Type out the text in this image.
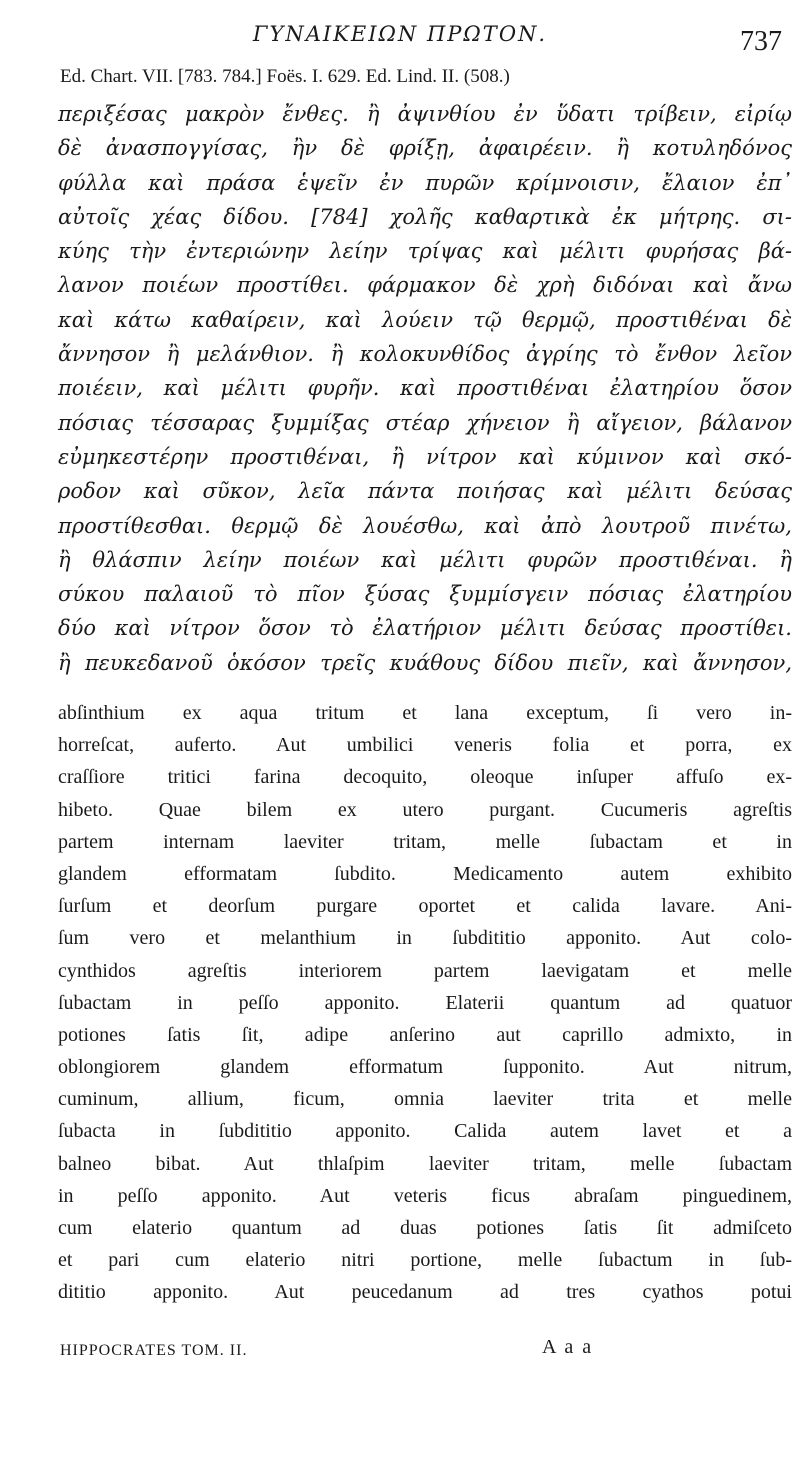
ΓΥΝΑΙΚΕΙΩΝ ΠΡΩΤΟΝ.	737
Ed. Chart. VII. [783. 784.] Foës. I. 629. Ed. Lind. II. (508.)
περιξέσας μακρὸν ἔνθες. ἢ ἀψινθίου ἐν ὕδατι τρίβειν, εἰρίῳ
δὲ ἀνασπογγίσας, ἢν δὲ φρίξῃ, ἀφαιρέειν. ἢ κοτυληδόνος
φύλλα καὶ πράσα ἑψεῖν ἐν πυρῶν κρίμνοισιν, ἔλαιον ἐπ᾽
αὐτοῖς χέας δίδου. [784] χολῆς καθαρτικὰ ἐκ μήτρης. σι-
κύης τὴν ἐντεριώνην λείην τρίψας καὶ μέλιτι φυρήσας βά-
λανον ποιέων προστίθει. φάρμακον δὲ χρὴ διδόναι καὶ ἄνω
καὶ κάτω καθαίρειν, καὶ λούειν τῷ θερμῷ, προστιθέναι δὲ
ἄννησον ἢ μελάνθιον. ἢ κολοκυνθίδος ἀγρίης τὸ ἔνθον λεῖον
ποιέειν, καὶ μέλιτι φυρῆν. καὶ προστιθέναι ἐλατηρίου ὅσον
πόσιας τέσσαρας ξυμμίξας στέαρ χήνειον ἢ αἴγειον, βάλανον
εὐμηκεστέρην προστιθέναι, ἢ νίτρον καὶ κύμινον καὶ σκό-
ροδον καὶ σῦκον, λεῖα πάντα ποιήσας καὶ μέλιτι δεύσας
προστίθεσθαι. θερμῷ δὲ λουέσθω, καὶ ἀπὸ λουτροῦ πινέτω,
ἢ θλάσπιν λείην ποιέων καὶ μέλιτι φυρῶν προστιθέναι. ἢ
σύκου παλαιοῦ τὸ πῖον ξύσας ξυμμίσγειν πόσιας ἐλατηρίου
δύο καὶ νίτρον ὅσον τὸ ἐλατήριον μέλιτι δεύσας προστίθει.
ἢ πευκεδανοῦ ὁκόσον τρεῖς κυάθους δίδου πιεῖν, καὶ ἄννησον,
abſinthium ex aqua tritum et lana exceptum, ſi vero in-
horreſcat, auferto. Aut umbilici veneris folia et porra, ex
craſſiore tritici farina decoquito, oleoque inſuper affuſo ex-
hibeto. Quae bilem ex utero purgant. Cucumeris agreſtis
partem internam laeviter tritam, melle ſubactam et in
glandem efformatam ſubdito. Medicamento autem exhibito
ſurſum et deorſum purgare oportet et calida lavare. Ani-
ſum vero et melanthium in ſubdititio apponito. Aut colo-
cynthidos agreſtis interiorem partem laevigatam et melle
ſubactam in peſſo apponito. Elaterii quantum ad quatuor
potiones ſatis ſit, adipe anſerino aut caprillo admixto, in
oblongiorem glandem efformatum ſupponito. Aut nitrum,
cuminum, allium, ficum, omnia laeviter trita et melle
ſubacta in ſubdititio apponito. Calida autem lavet et a
balneo bibat. Aut thlaſpim laeviter tritam, melle ſubactam
in peſſo apponito. Aut veteris ficus abraſam pinguedinem,
cum elaterio quantum ad duas potiones ſatis ſit admiſceto
et pari cum elaterio nitri portione, melle ſubactum in ſub-
dititio apponito. Aut peucedanum ad tres cyathos potui
HIPPOCRATES TOM. II.	A a a
